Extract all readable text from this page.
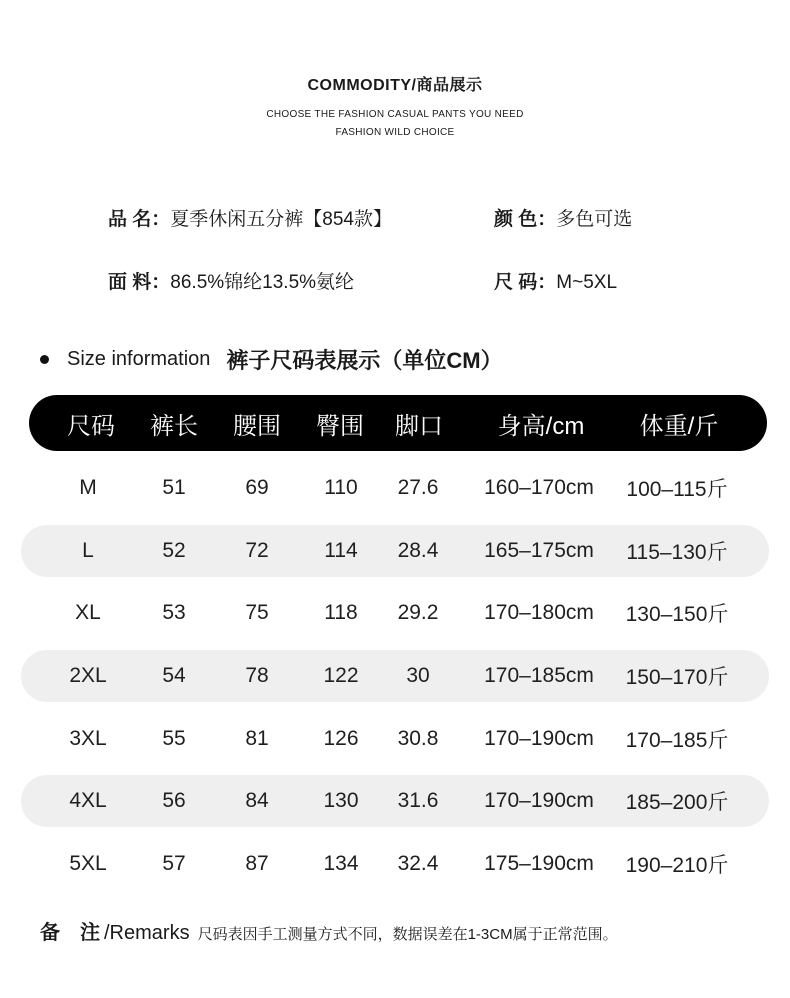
COMMODITY/商品展示
CHOOSE THE FASHION CASUAL PANTS YOU NEED
FASHION WILD CHOICE
品 名：夏季休闲五分裤【854款】	颜 色：多色可选
面 料：86.5%锦纶13.5%氨纶	尺 码：M~5XL
Size information 裤子尺码表展示（单位CM）
尺码 裤长 腰围 臀围 脚口 身高/cm 体重/斤
M	51	69	110 27.6 160–170cm 100–115斤
L	52	72	114 28.4 165–175cm 115–130斤
XL	53	75	118 29.2 170–180cm 130–150斤
2XL	54	78	122 30	170–185cm 150–170斤
3XL	55	81	126 30.8 170–190cm 170–185斤
4XL	56	84	130 31.6 170–190cm 185–200斤
5XL	57	87	134 32.4 175–190cm 190–210斤
备　注 /Remarks 尺码表因手工测量方式不同，数据误差在1-3CM属于正常范围。
